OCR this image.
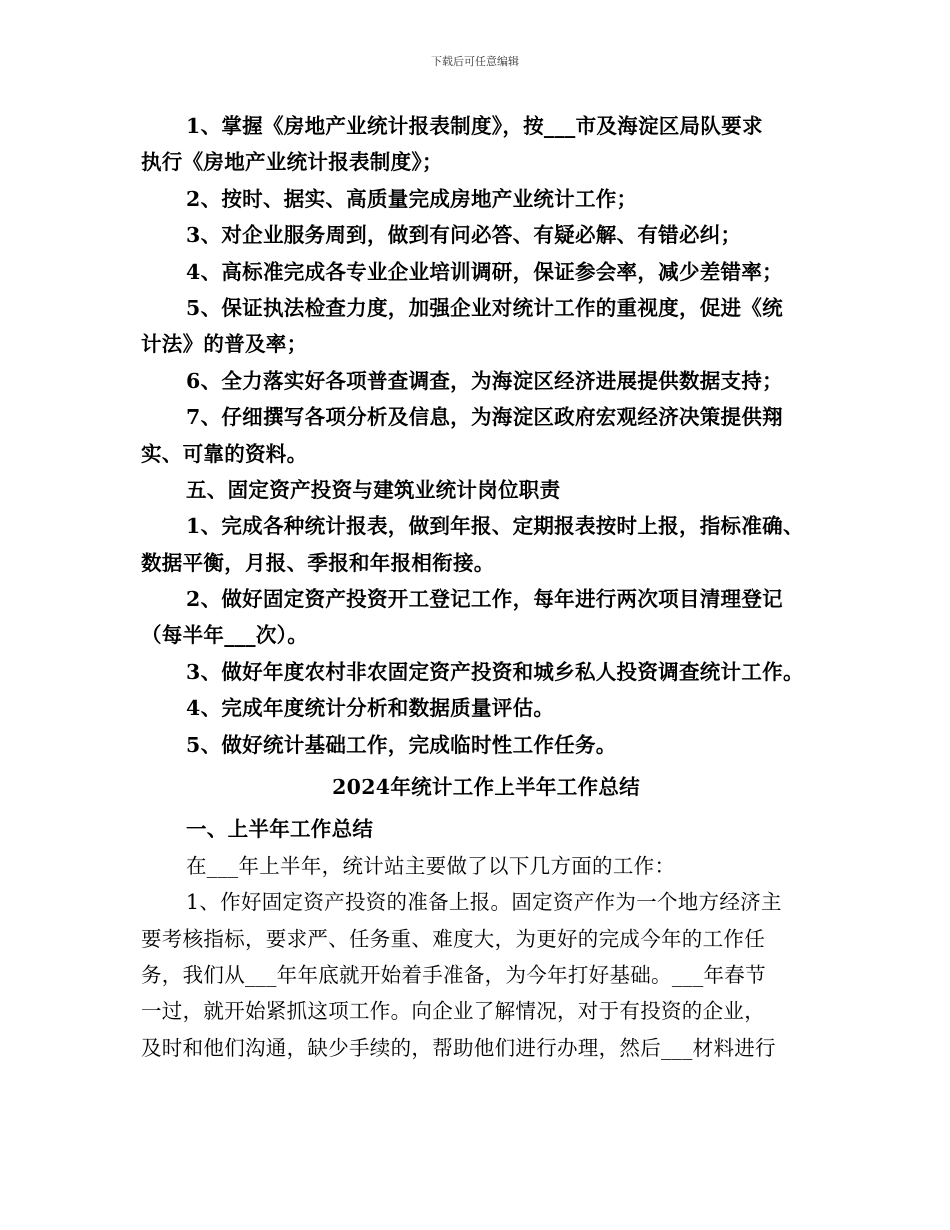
下载后可任意编辑
1、掌握《房地产业统计报表制度》，按___市及海淀区局队要求
执行《房地产业统计报表制度》；
2、按时、据实、高质量完成房地产业统计工作；
3、对企业服务周到，做到有问必答、有疑必解、有错必纠；
4、高标准完成各专业企业培训调研，保证参会率，减少差错率；
5、保证执法检查力度，加强企业对统计工作的重视度，促进《统
计法》的普及率；
6、全力落实好各项普查调查，为海淀区经济进展提供数据支持；
7、仔细撰写各项分析及信息，为海淀区政府宏观经济决策提供翔
实、可靠的资料。
五、固定资产投资与建筑业统计岗位职责
1、完成各种统计报表，做到年报、定期报表按时上报，指标准确、
数据平衡，月报、季报和年报相衔接。
2、做好固定资产投资开工登记工作，每年进行两次项目清理登记
（每半年___次）。
3、做好年度农村非农固定资产投资和城乡私人投资调查统计工作。
4、完成年度统计分析和数据质量评估。
5、做好统计基础工作，完成临时性工作任务。
2024年统计工作上半年工作总结
一、上半年工作总结
在___年上半年，统计站主要做了以下几方面的工作：
1、作好固定资产投资的准备上报。固定资产作为一个地方经济主
要考核指标，要求严、任务重、难度大，为更好的完成今年的工作任
务，我们从___年年底就开始着手准备，为今年打好基础。___年春节
一过，就开始紧抓这项工作。向企业了解情况，对于有投资的企业，
及时和他们沟通，缺少手续的，帮助他们进行办理，然后___材料进行
